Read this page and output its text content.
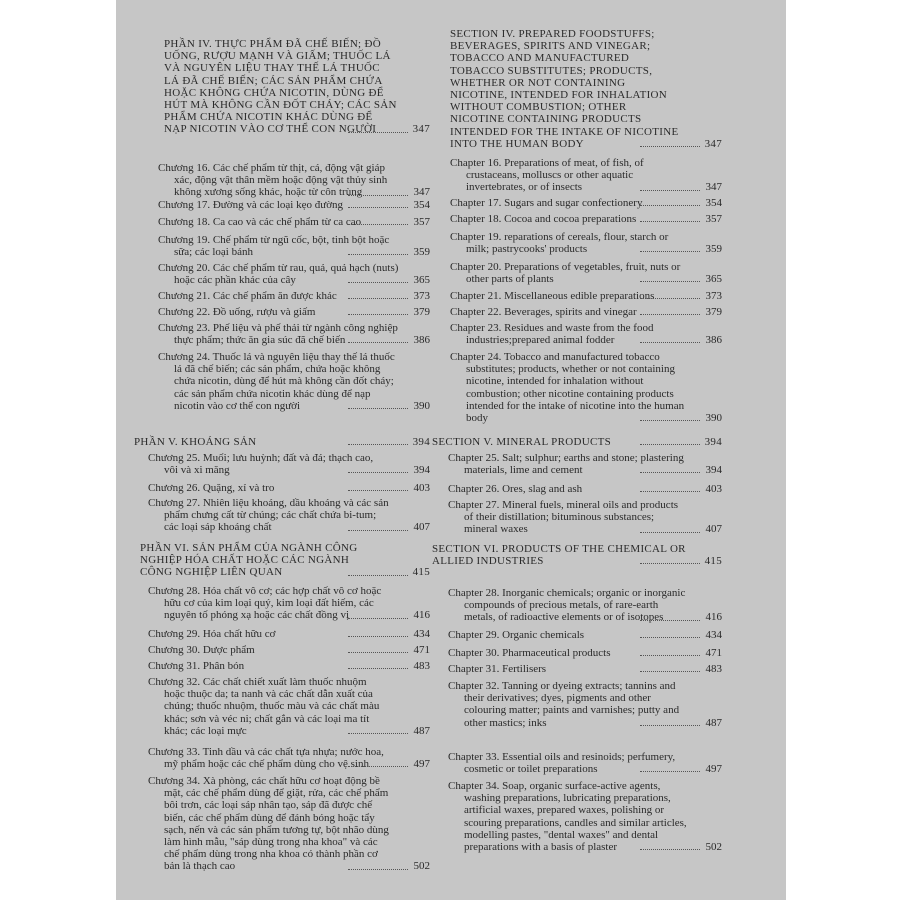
PHẦN IV. THỰC PHẨM ĐÃ CHẾ BIẾN; ĐỒ
UỐNG, RƯỢU MẠNH VÀ GIẤM; THUỐC LÁ
VÀ NGUYÊN LIỆU THAY THẾ LÁ THUỐC
LÁ ĐÃ CHẾ BIẾN; CÁC SẢN PHẨM CHỨA
HOẶC KHÔNG CHỨA NICOTIN, DÙNG ĐỂ
HÚT MÀ KHÔNG CẦN ĐỐT CHÁY; CÁC SẢN
PHẨM CHỨA NICOTIN KHÁC DÙNG ĐỂ
NẠP NICOTIN VÀO CƠ THỂ CON NGƯỜI	347
Chương 16. Các chế phẩm từ thịt, cá, động vật giáp
xác, động vật thân mềm hoặc động vật thủy sinh
không xương sống khác, hoặc từ côn trùng	347
Chương 17. Đường và các loại kẹo đường	354
Chương 18. Ca cao và các chế phẩm từ ca cao	357
Chương 19. Chế phẩm từ ngũ cốc, bột, tinh bột hoặc
sữa; các loại bánh	359
Chương 20. Các chế phẩm từ rau, quả, quả hạch (nuts)
hoặc các phần khác của cây	365
Chương 21. Các chế phẩm ăn được khác	373
Chương 22. Đồ uống, rượu và giấm	379
Chương 23. Phế liệu và phế thải từ ngành công nghiệp
thực phẩm; thức ăn gia súc đã chế biến	386
Chương 24. Thuốc lá và nguyên liệu thay thế lá thuốc
lá đã chế biến; các sản phẩm, chứa hoặc không
chứa nicotin, dùng để hút mà không cần đốt cháy;
các sản phẩm chứa nicotin khác dùng để nạp
nicotin vào cơ thể con người	390
PHẦN V. KHOÁNG SẢN	394
Chương 25. Muối; lưu huỳnh; đất và đá; thạch cao,
vôi và xi măng	394
Chương 26. Quặng, xỉ và tro	403
Chương 27. Nhiên liệu khoáng, dầu khoáng và các sản
phẩm chưng cất từ chúng; các chất chứa bi-tum;
các loại sáp khoáng chất	407
PHẦN VI. SẢN PHẨM CỦA NGÀNH CÔNG
NGHIỆP HÓA CHẤT HOẶC CÁC NGÀNH
CÔNG NGHIỆP LIÊN QUAN	415
Chương 28. Hóa chất vô cơ; các hợp chất vô cơ hoặc
hữu cơ của kim loại quý, kim loại đất hiếm, các
nguyên tố phóng xạ hoặc các chất đồng vị	416
Chương 29. Hóa chất hữu cơ	434
Chương 30. Dược phẩm	471
Chương 31. Phân bón	483
Chương 32. Các chất chiết xuất làm thuốc nhuộm
hoặc thuộc da; ta nanh và các chất dẫn xuất của
chúng; thuốc nhuộm, thuốc màu và các chất màu
khác; sơn và véc ni; chất gắn và các loại ma tít
khác; các loại mực	487
Chương 33. Tinh dầu và các chất tựa nhựa; nước hoa,
mỹ phẩm hoặc các chế phẩm dùng cho vệ sinh	497
Chương 34. Xà phòng, các chất hữu cơ hoạt động bề
mặt, các chế phẩm dùng để giặt, rửa, các chế phẩm
bôi trơn, các loại sáp nhân tạo, sáp đã được chế
biến, các chế phẩm dùng để đánh bóng hoặc tẩy
sạch, nến và các sản phẩm tương tự, bột nhão dùng
làm hình mẫu, "sáp dùng trong nha khoa" và các
chế phẩm dùng trong nha khoa có thành phần cơ
bản là thạch cao	502
SECTION IV. PREPARED FOODSTUFFS;
BEVERAGES, SPIRITS AND VINEGAR;
TOBACCO AND MANUFACTURED
TOBACCO SUBSTITUTES; PRODUCTS,
WHETHER OR NOT CONTAINING
NICOTINE, INTENDED FOR INHALATION
WITHOUT COMBUSTION; OTHER
NICOTINE CONTAINING PRODUCTS
INTENDED FOR THE INTAKE OF NICOTINE
INTO THE HUMAN BODY	347
Chapter 16. Preparations of meat, of fish, of
crustaceans, molluscs or other aquatic
invertebrates, or of insects	347
Chapter 17. Sugars and sugar confectionery	354
Chapter 18. Cocoa and cocoa preparations	357
Chapter 19. reparations of cereals, flour, starch or
milk; pastrycooks' products	359
Chapter 20. Preparations of vegetables, fruit, nuts or
other parts of plants	365
Chapter 21. Miscellaneous edible preparations	373
Chapter 22. Beverages, spirits and vinegar	379
Chapter 23. Residues and waste from the food
industries;prepared animal fodder	386
Chapter 24. Tobacco and manufactured tobacco
substitutes; products, whether or not containing
nicotine, intended for inhalation without
combustion; other nicotine containing products
intended for the intake of nicotine into the human
body	390
SECTION V. MINERAL PRODUCTS	394
Chapter 25. Salt; sulphur; earths and stone; plastering
materials, lime and cement	394
Chapter 26. Ores, slag and ash	403
Chapter 27. Mineral fuels, mineral oils and products
of their distillation; bituminous substances;
mineral waxes	407
SECTION VI. PRODUCTS OF THE CHEMICAL OR
ALLIED INDUSTRIES	415
Chapter 28. Inorganic chemicals; organic or inorganic
compounds of precious metals, of rare-earth
metals, of radioactive elements or of isotopes	416
Chapter 29. Organic chemicals	434
Chapter 30. Pharmaceutical products	471
Chapter 31. Fertilisers	483
Chapter 32. Tanning or dyeing extracts; tannins and
their derivatives; dyes, pigments and other
colouring matter; paints and varnishes; putty and
other mastics; inks	487
Chapter 33. Essential oils and resinoids; perfumery,
cosmetic or toilet preparations	497
Chapter 34. Soap, organic surface-active agents,
washing preparations, lubricating preparations,
artificial waxes, prepared waxes, polishing or
scouring preparations, candles and similar articles,
modelling pastes, "dental waxes" and dental
preparations with a basis of plaster	502
